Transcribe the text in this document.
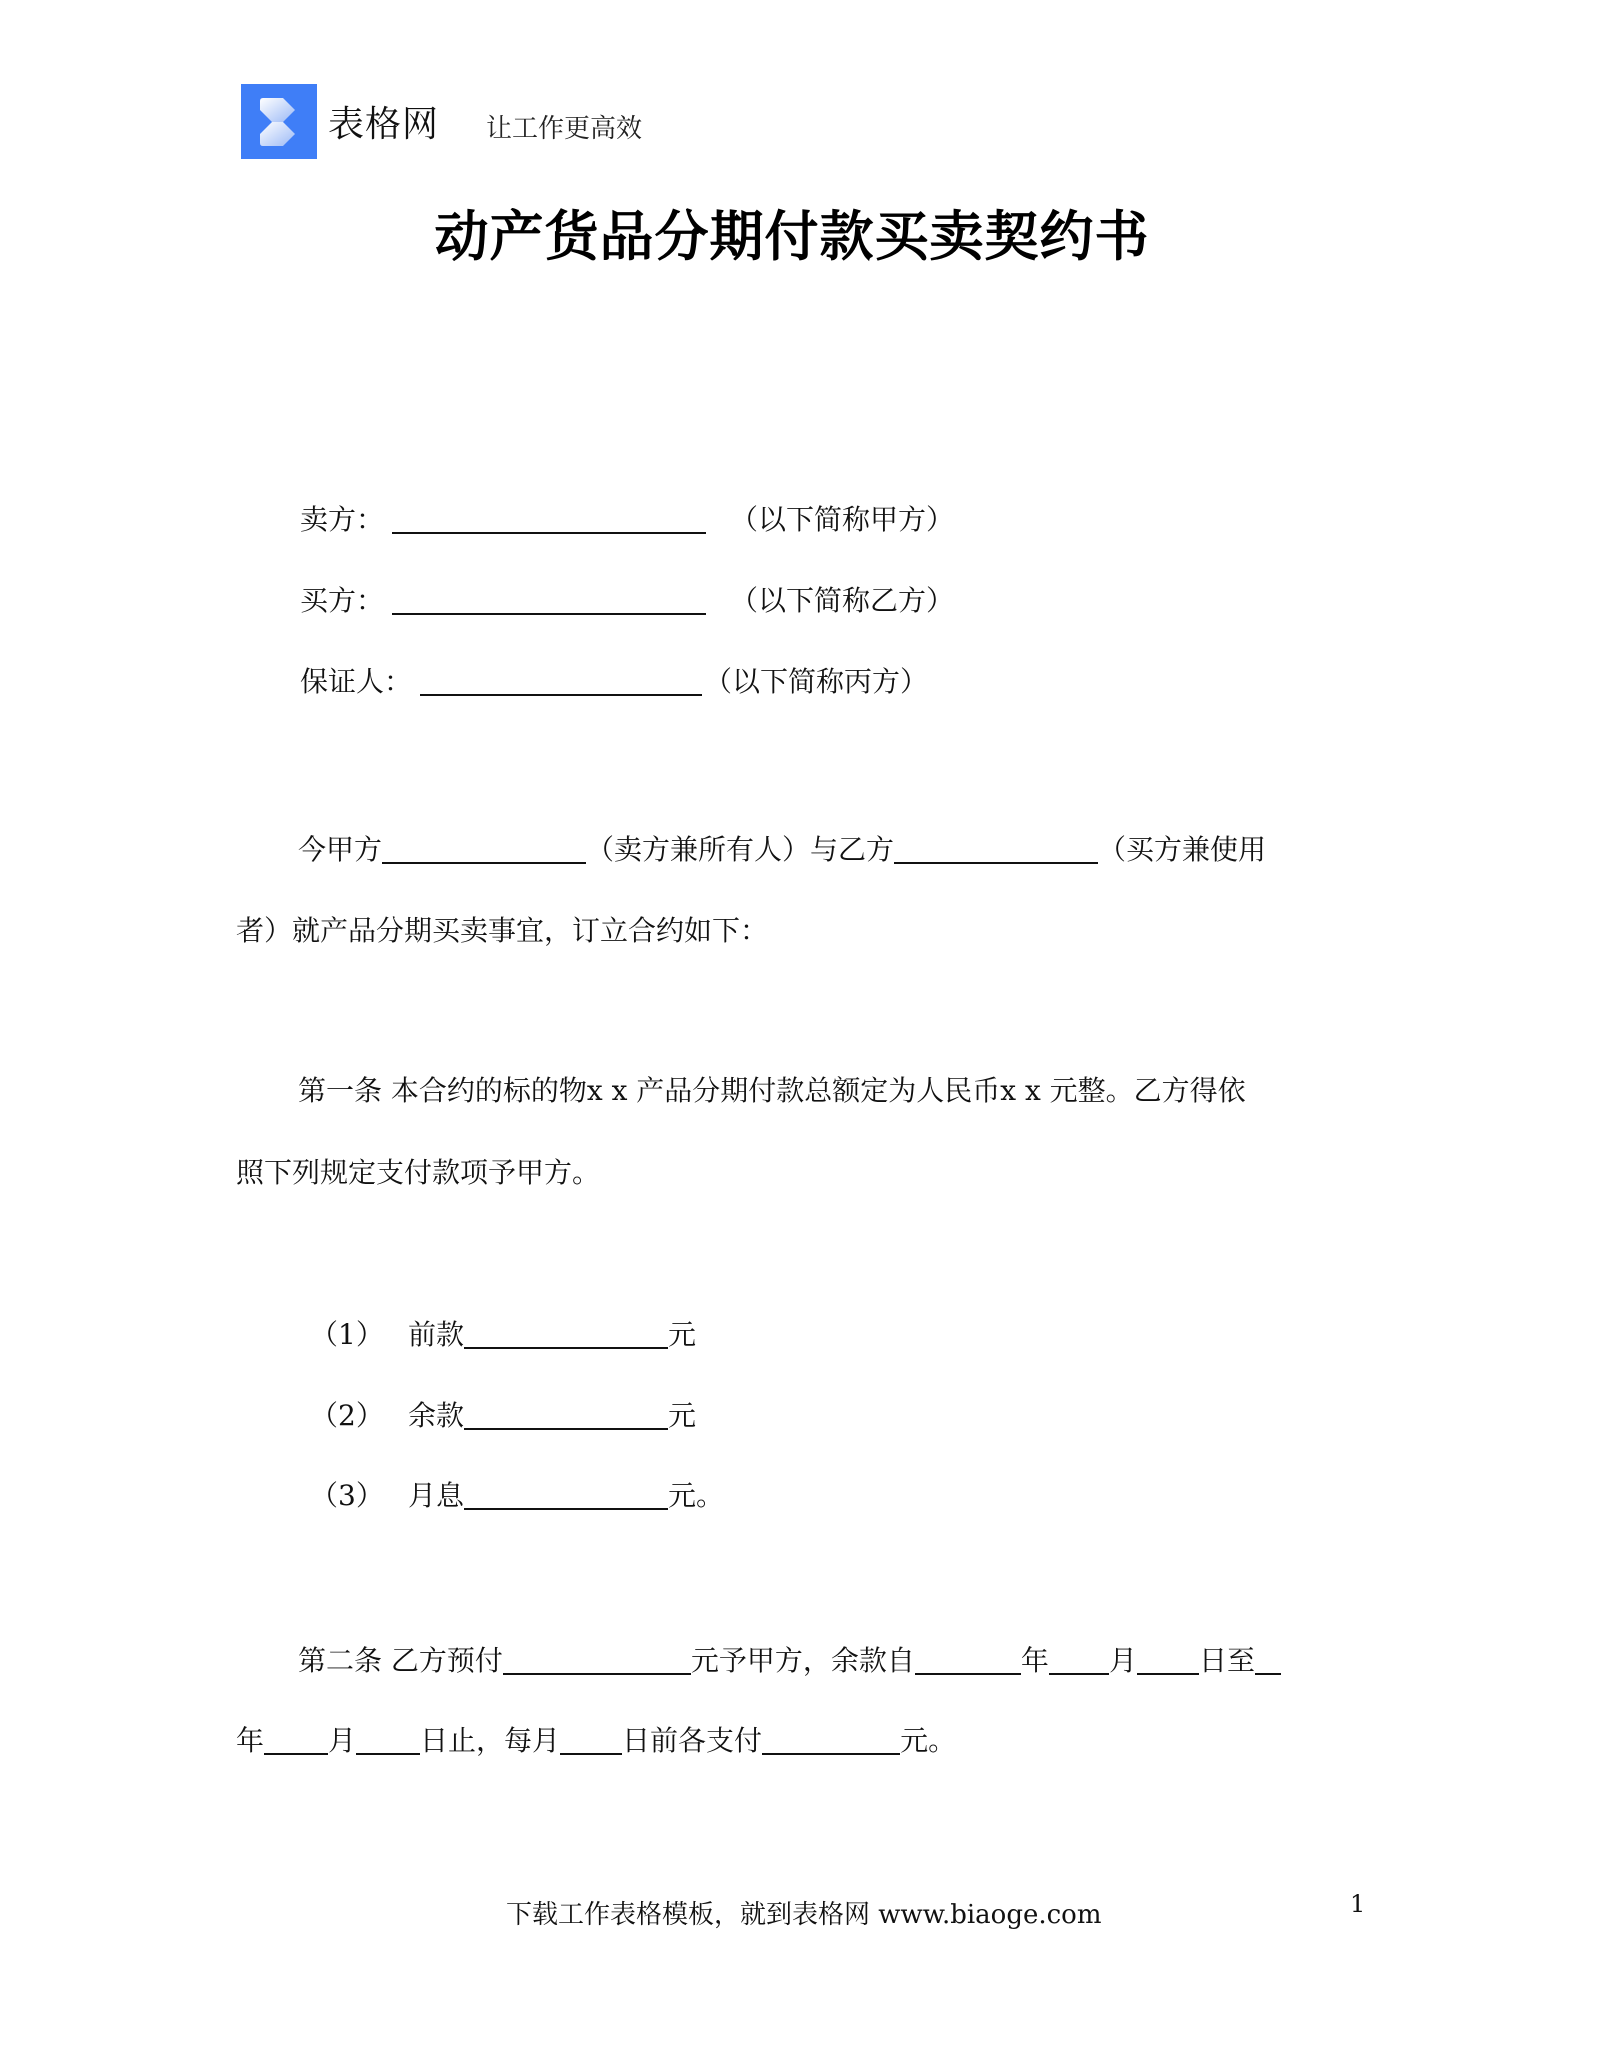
表格网 让工作更高效
动产货品分期付款买卖契约书
卖方：	（以下简称甲方）
买方：	（以下简称乙方）
保证人：	（以下简称丙方）
今甲方	（卖方兼所有人）与乙方	（买方兼使用
者）就产品分期买卖事宜，订立合约如下：
第一条 本合约的标的物x x 产品分期付款总额定为人民币x x 元整。乙方得依
照下列规定支付款项予甲方。
（1） 前款	元
（2） 余款	元
（3） 月息	元。
第二条 乙方预付	元予甲方，余款自	年 月 日至
年 月 日止，每月 日前各支付	元。
下载工作表格模板，就到表格网 www.biaoge.com	1
